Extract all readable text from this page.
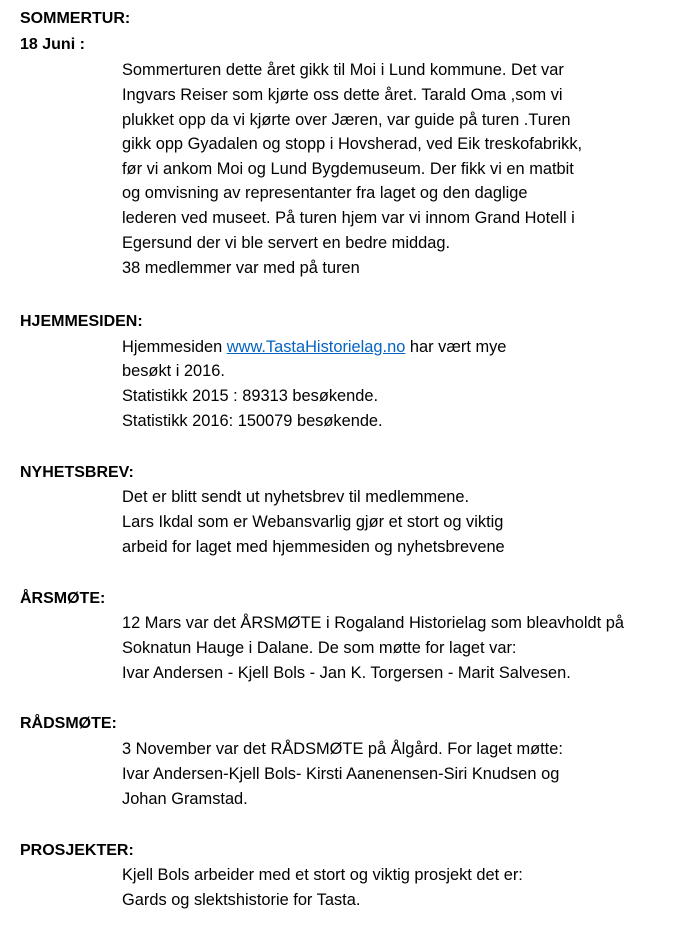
SOMMERTUR:
18 Juni :
Sommerturen dette året gikk til Moi i Lund kommune. Det var
Ingvars Reiser som kjørte oss dette året. Tarald Oma ,som vi
plukket opp da vi kjørte over Jæren, var guide på turen .Turen
gikk opp Gyadalen og stopp i Hovsherad, ved Eik treskofabrikk,
før vi ankom Moi og Lund Bygdemuseum. Der fikk vi en matbit
og omvisning av representanter fra laget og den daglige
lederen ved museet. På turen hjem var vi innom Grand Hotell i
Egersund der vi ble servert en bedre middag.
38 medlemmer var med på turen
HJEMMESIDEN:
Hjemmesiden www.TastaHistorielag.no har vært mye
besøkt i 2016.
Statistikk 2015 : 89313 besøkende.
Statistikk 2016: 150079 besøkende.
NYHETSBREV:
Det er blitt sendt ut nyhetsbrev til medlemmene.
Lars Ikdal som er Webansvarlig gjør et stort og viktig
arbeid for laget med hjemmesiden og nyhetsbrevene
ÅRSMØTE:
12 Mars var det ÅRSMØTE i Rogaland Historielag som bleavholdt på
Soknatun Hauge i Dalane. De som møtte for laget var:
Ivar Andersen - Kjell Bols - Jan K. Torgersen - Marit Salvesen.
RÅDSMØTE:
3 November var det RÅDSMØTE på Ålgård. For laget møtte:
Ivar Andersen-Kjell Bols- Kirsti Aanenensen-Siri Knudsen og
Johan Gramstad.
PROSJEKTER:
Kjell Bols arbeider med et stort og viktig prosjekt det er:
Gards og slektshistorie for Tasta.
